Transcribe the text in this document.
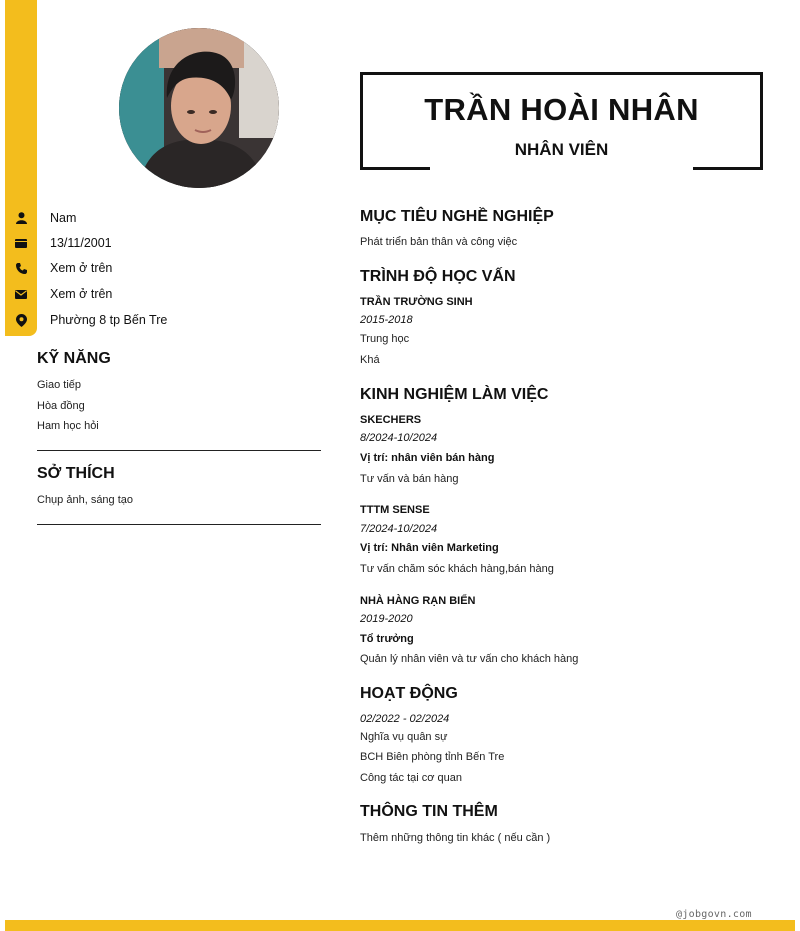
@jobgovn.com
Nam
13/11/2001
Xem ở trên
Xem ở trên
Phường 8 tp Bến Tre
KỸ NĂNG
Giao tiếp
Hòa đồng
Ham học hỏi
SỞ THÍCH
Chụp ảnh, sáng tạo
TRẦN HOÀI NHÂN
NHÂN VIÊN
MỤC TIÊU NGHỀ NGHIỆP
Phát triển bản thân và công việc
TRÌNH ĐỘ HỌC VẤN
TRẦN TRƯỜNG SINH
2015-2018
Trung học
Khá
KINH NGHIỆM LÀM VIỆC
SKECHERS
8/2024-10/2024
Vị trí: nhân viên bán hàng
Tư vấn và bán hàng
TTTM SENSE
7/2024-10/2024
Vị trí: Nhân viên Marketing
Tư vấn chăm sóc khách hàng,bán hàng
NHÀ HÀNG RẠN BIỂN
2019-2020
Tổ trưởng
Quản lý nhân viên và tư vấn cho khách hàng
HOẠT ĐỘNG
02/2022 - 02/2024
Nghĩa vụ quân sự
BCH Biên phòng tỉnh Bến Tre
Công tác tại cơ quan
THÔNG TIN THÊM
Thêm những thông tin khác ( nếu cần )
